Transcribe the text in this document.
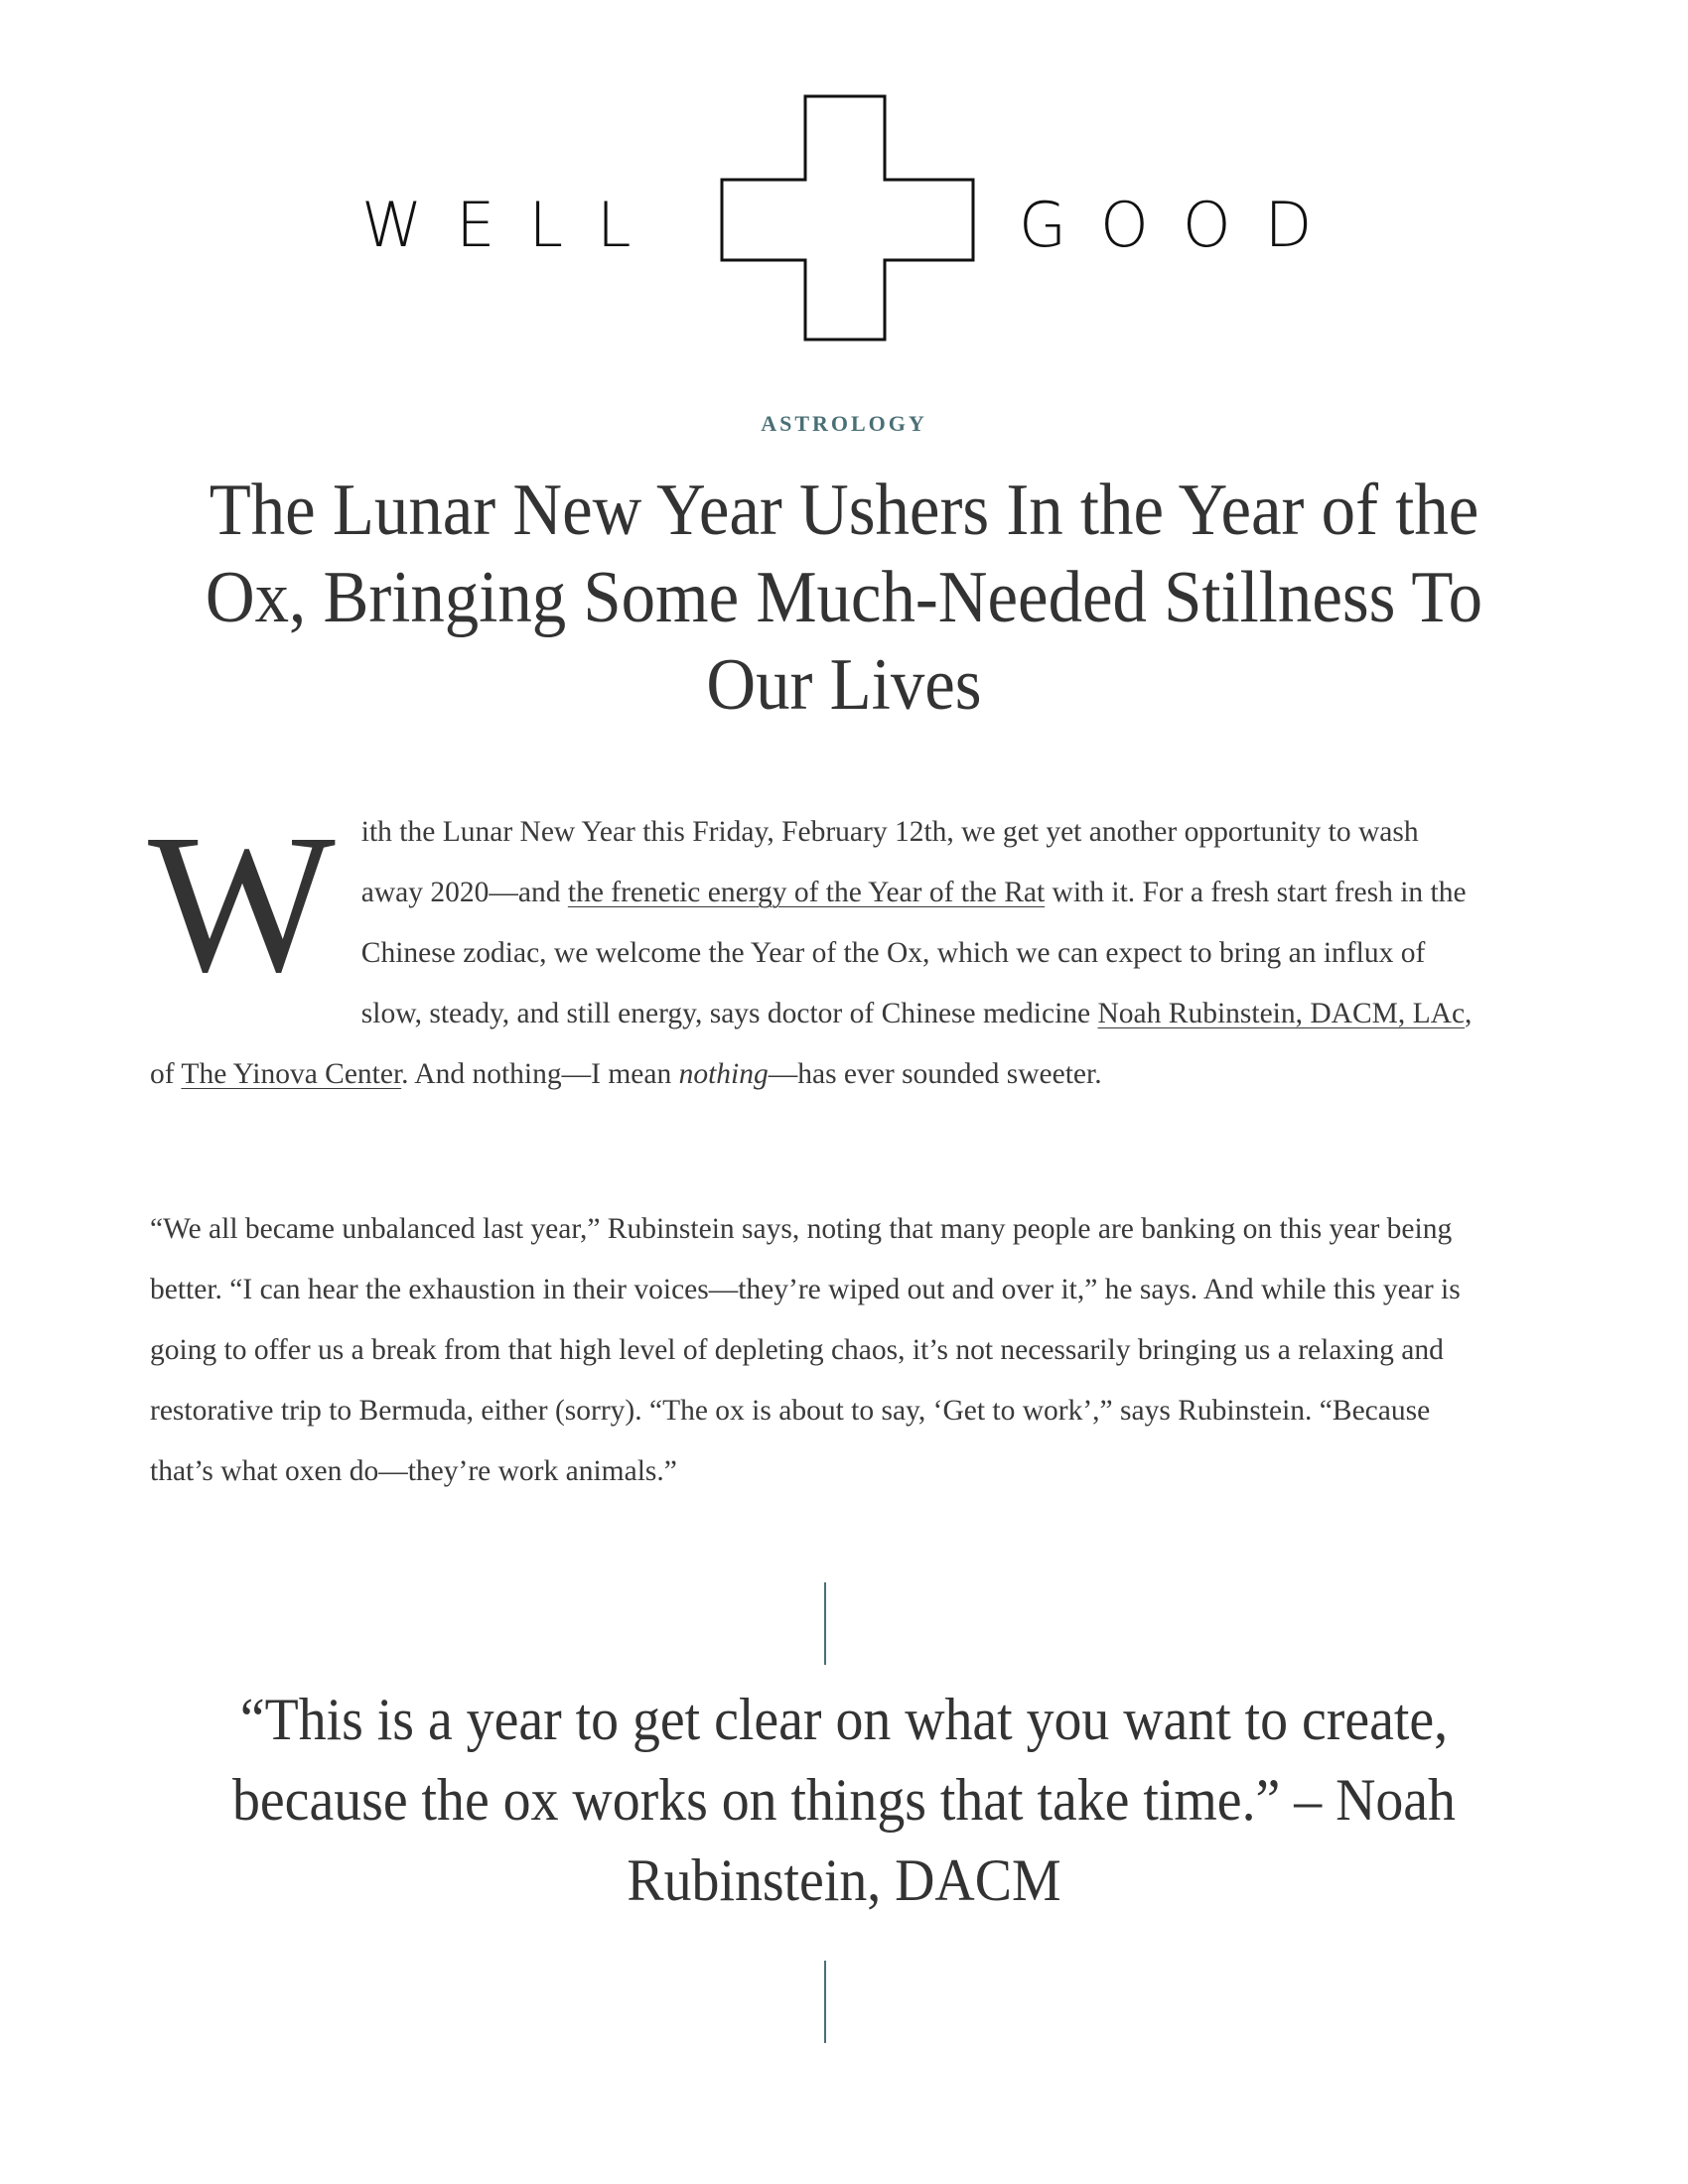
WELL	GOOD
ASTROLOGY
The Lunar New Year Ushers In the Year of the Ox, Bringing Some Much-Needed Stillness To Our Lives
With the Lunar New Year this Friday, February 12th, we get yet another opportunity to wash away 2020—and the frenetic energy of the Year of the Rat with it. For a fresh start fresh in the Chinese zodiac, we welcome the Year of the Ox, which we can expect to bring an influx of slow, steady, and still energy, says doctor of Chinese medicine Noah Rubinstein, DACM, LAc, of The Yinova Center. And nothing—I mean nothing—has ever sounded sweeter.
“We all became unbalanced last year,” Rubinstein says, noting that many people are banking on this year being better. “I can hear the exhaustion in their voices—they’re wiped out and over it,” he says. And while this year is going to offer us a break from that high level of depleting chaos, it’s not necessarily bringing us a relaxing and restorative trip to Bermuda, either (sorry). “The ox is about to say, ‘Get to work’,” says Rubinstein. “Because that’s what oxen do—they’re work animals.”
“This is a year to get clear on what you want to create, because the ox works on things that take time.” – Noah Rubinstein, DACM
